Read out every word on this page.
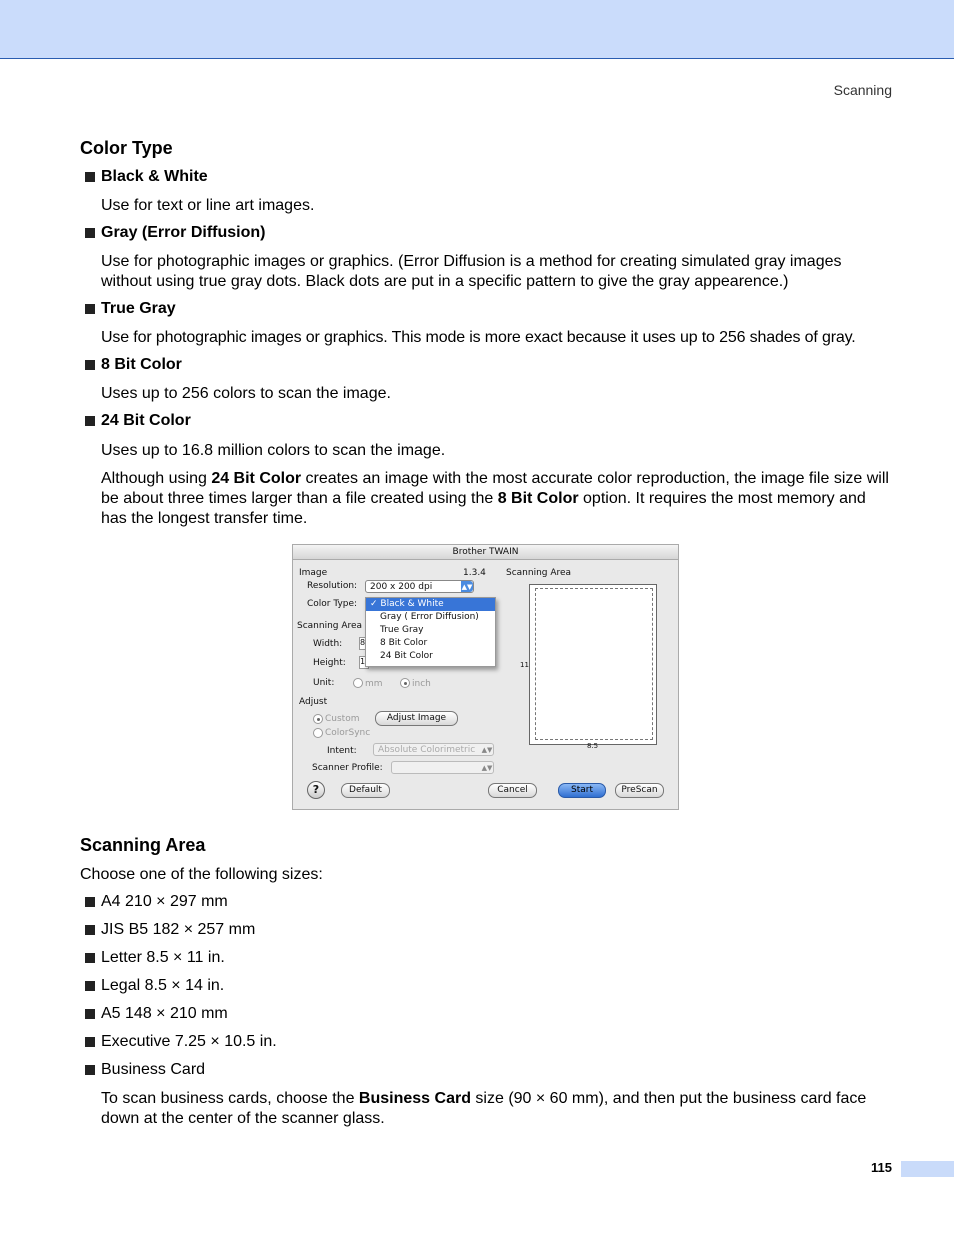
Scanning
Color Type
Black & White

Use for text or line art images.

Gray (Error Diffusion)

Use for photographic images or graphics. (Error Diffusion is a method for creating simulated gray images
without using true gray dots. Black dots are put in a specific pattern to give the gray appearence.)

True Gray

Use for photographic images or graphics. This mode is more exact because it uses up to 256 shades of gray.

8 Bit Color

Uses up to 256 colors to scan the image.

24 Bit Color

Uses up to 16.8 million colors to scan the image.

Although using 24 Bit Color creates an image with the most accurate color reproduction, the image file size will be about three times larger than a file created using the 8 Bit Color option. It requires the most memory and has the longest transfer time.

Brother TWAIN
Image	1.3.4 Scanning Area
Resolution:	200 x 200 dpi	▲▼
Color Type:
Scanning Area
Width: 8
Height: 1
✓ Black & White
Gray ( Error Diffusion)
True Gray
8 Bit Color
24 Bit Color
Unit:	mm	inch
Adjust
Custom	Adjust Image
ColorSync
Intent:	Absolute Colorimetric ▲▼
Scanner Profile:	▲▼
11
8.5
?	Default	Cancel	Start	PreScan
Scanning Area

Choose one of the following sizes:

A4 210 × 297 mm
JIS B5 182 × 257 mm
Letter 8.5 × 11 in.
Legal 8.5 × 14 in.
A5 148 × 210 mm
Executive 7.25 × 10.5 in.
Business Card

To scan business cards, choose the Business Card size (90 × 60 mm), and then put the business card face down at the center of the scanner glass.

115
